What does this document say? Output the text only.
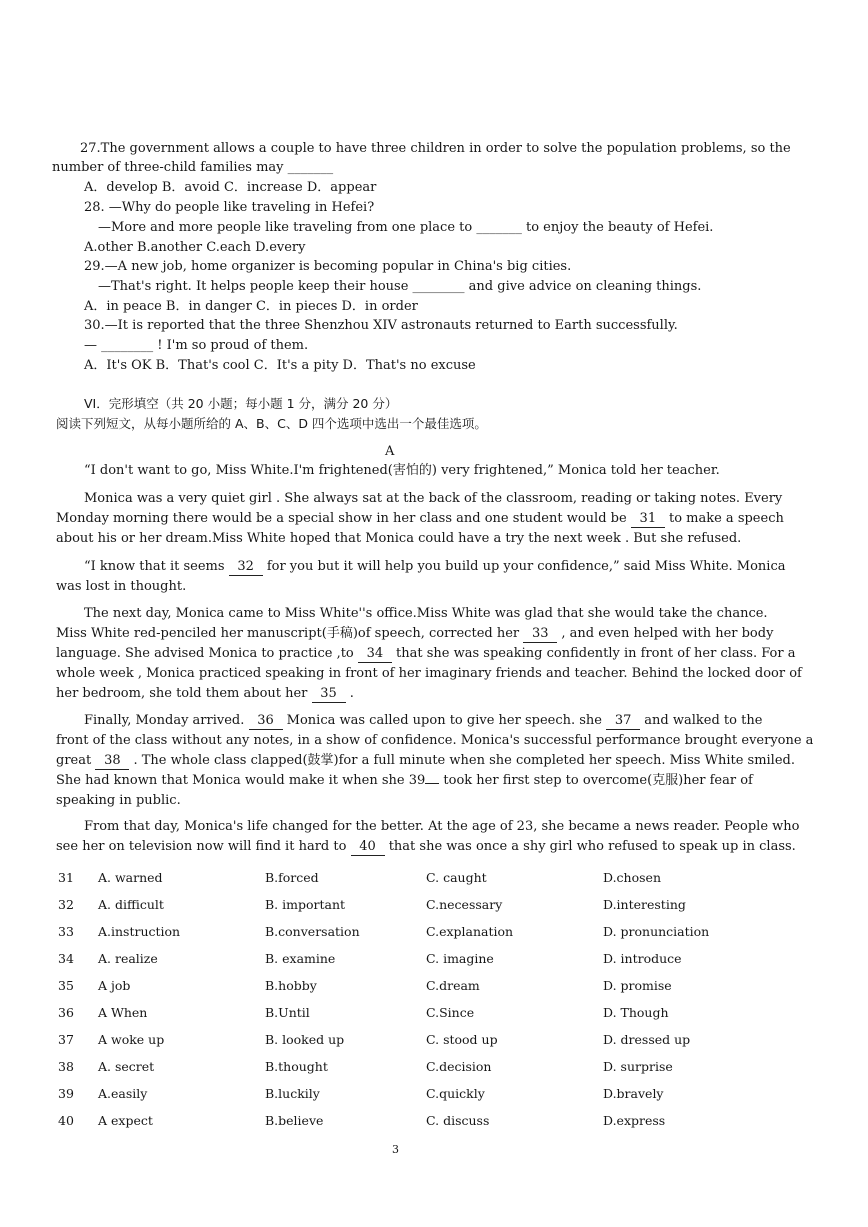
27.The government allows a couple to have three children in order to solve the population problems, so the
number of three-child families may _______
A．develop B．avoid C．increase D．appear
28. —Why do people like traveling in Hefei?
—More and more people like traveling from one place to _______ to enjoy the beauty of Hefei.
A.other B.another C.each D.every
29.—A new job, home organizer is becoming popular in China's big cities.
—That's right. It helps people keep their house ________ and give advice on cleaning things.
A．in peace B．in danger C．in pieces D．in order
30.—It is reported that the three Shenzhou XIV astronauts returned to Earth successfully.
— ________ ! I'm so proud of them.
A．It's OK B．That's cool C．It's a pity D．That's no excuse
VI．完形填空（共 20 小题；每小题 1 分，满分 20 分）
阅读下列短文，从每小题所给的 A、B、C、D 四个选项中选出一个最佳选项。
A
“I don't want to go, Miss White.I'm frightened(害怕的) very frightened,” Monica told her teacher.
Monica was a very quiet girl . She always sat at the back of the classroom, reading or taking notes. Every
Monday morning there would be a special show in her class and one student would be 31 to make a speech
about his or her dream.Miss White hoped that Monica could have a try the next week . But she refused.
“I know that it seems 32 for you but it will help you build up your confidence,” said Miss White. Monica
was lost in thought.
The next day, Monica came to Miss White''s office.Miss White was glad that she would take the chance.
Miss White red-penciled her manuscript(手稿)of speech, corrected her 33 , and even helped with her body
language. She advised Monica to practice ,to 34 that she was speaking confidently in front of her class. For a
whole week , Monica practiced speaking in front of her imaginary friends and teacher. Behind the locked door of
her bedroom, she told them about her 35 .
Finally, Monday arrived. 36 Monica was called upon to give her speech. she 37 and walked to the
front of the class without any notes, in a show of confidence. Monica's successful performance brought everyone a
great 38 . The whole class clapped(鼓掌)for a full minute when she completed her speech. Miss White smiled.
She had known that Monica would make it when she 39 took her first step to overcome(克服)her fear of
speaking in public.
From that day, Monica's life changed for the better. At the age of 23, she became a news reader. People who
see her on television now will find it hard to 40 that she was once a shy girl who refused to speak up in class.
31 A. warned	B.forced	C. caught	D.chosen
32 A. difficult	B. important	C.necessary	D.interesting
33 A.instruction	B.conversation	C.explanation	D. pronunciation
34 A. realize	B. examine	C. imagine	D. introduce
35 A job	B.hobby	C.dream	D. promise
36 A When	B.Until	C.Since	D. Though
37 A woke up	B. looked up	C. stood up	D. dressed up
38 A. secret	B.thought	C.decision	D. surprise
39 A.easily	B.luckily	C.quickly	D.bravely
40 A expect	B.believe	C. discuss	D.express
3
